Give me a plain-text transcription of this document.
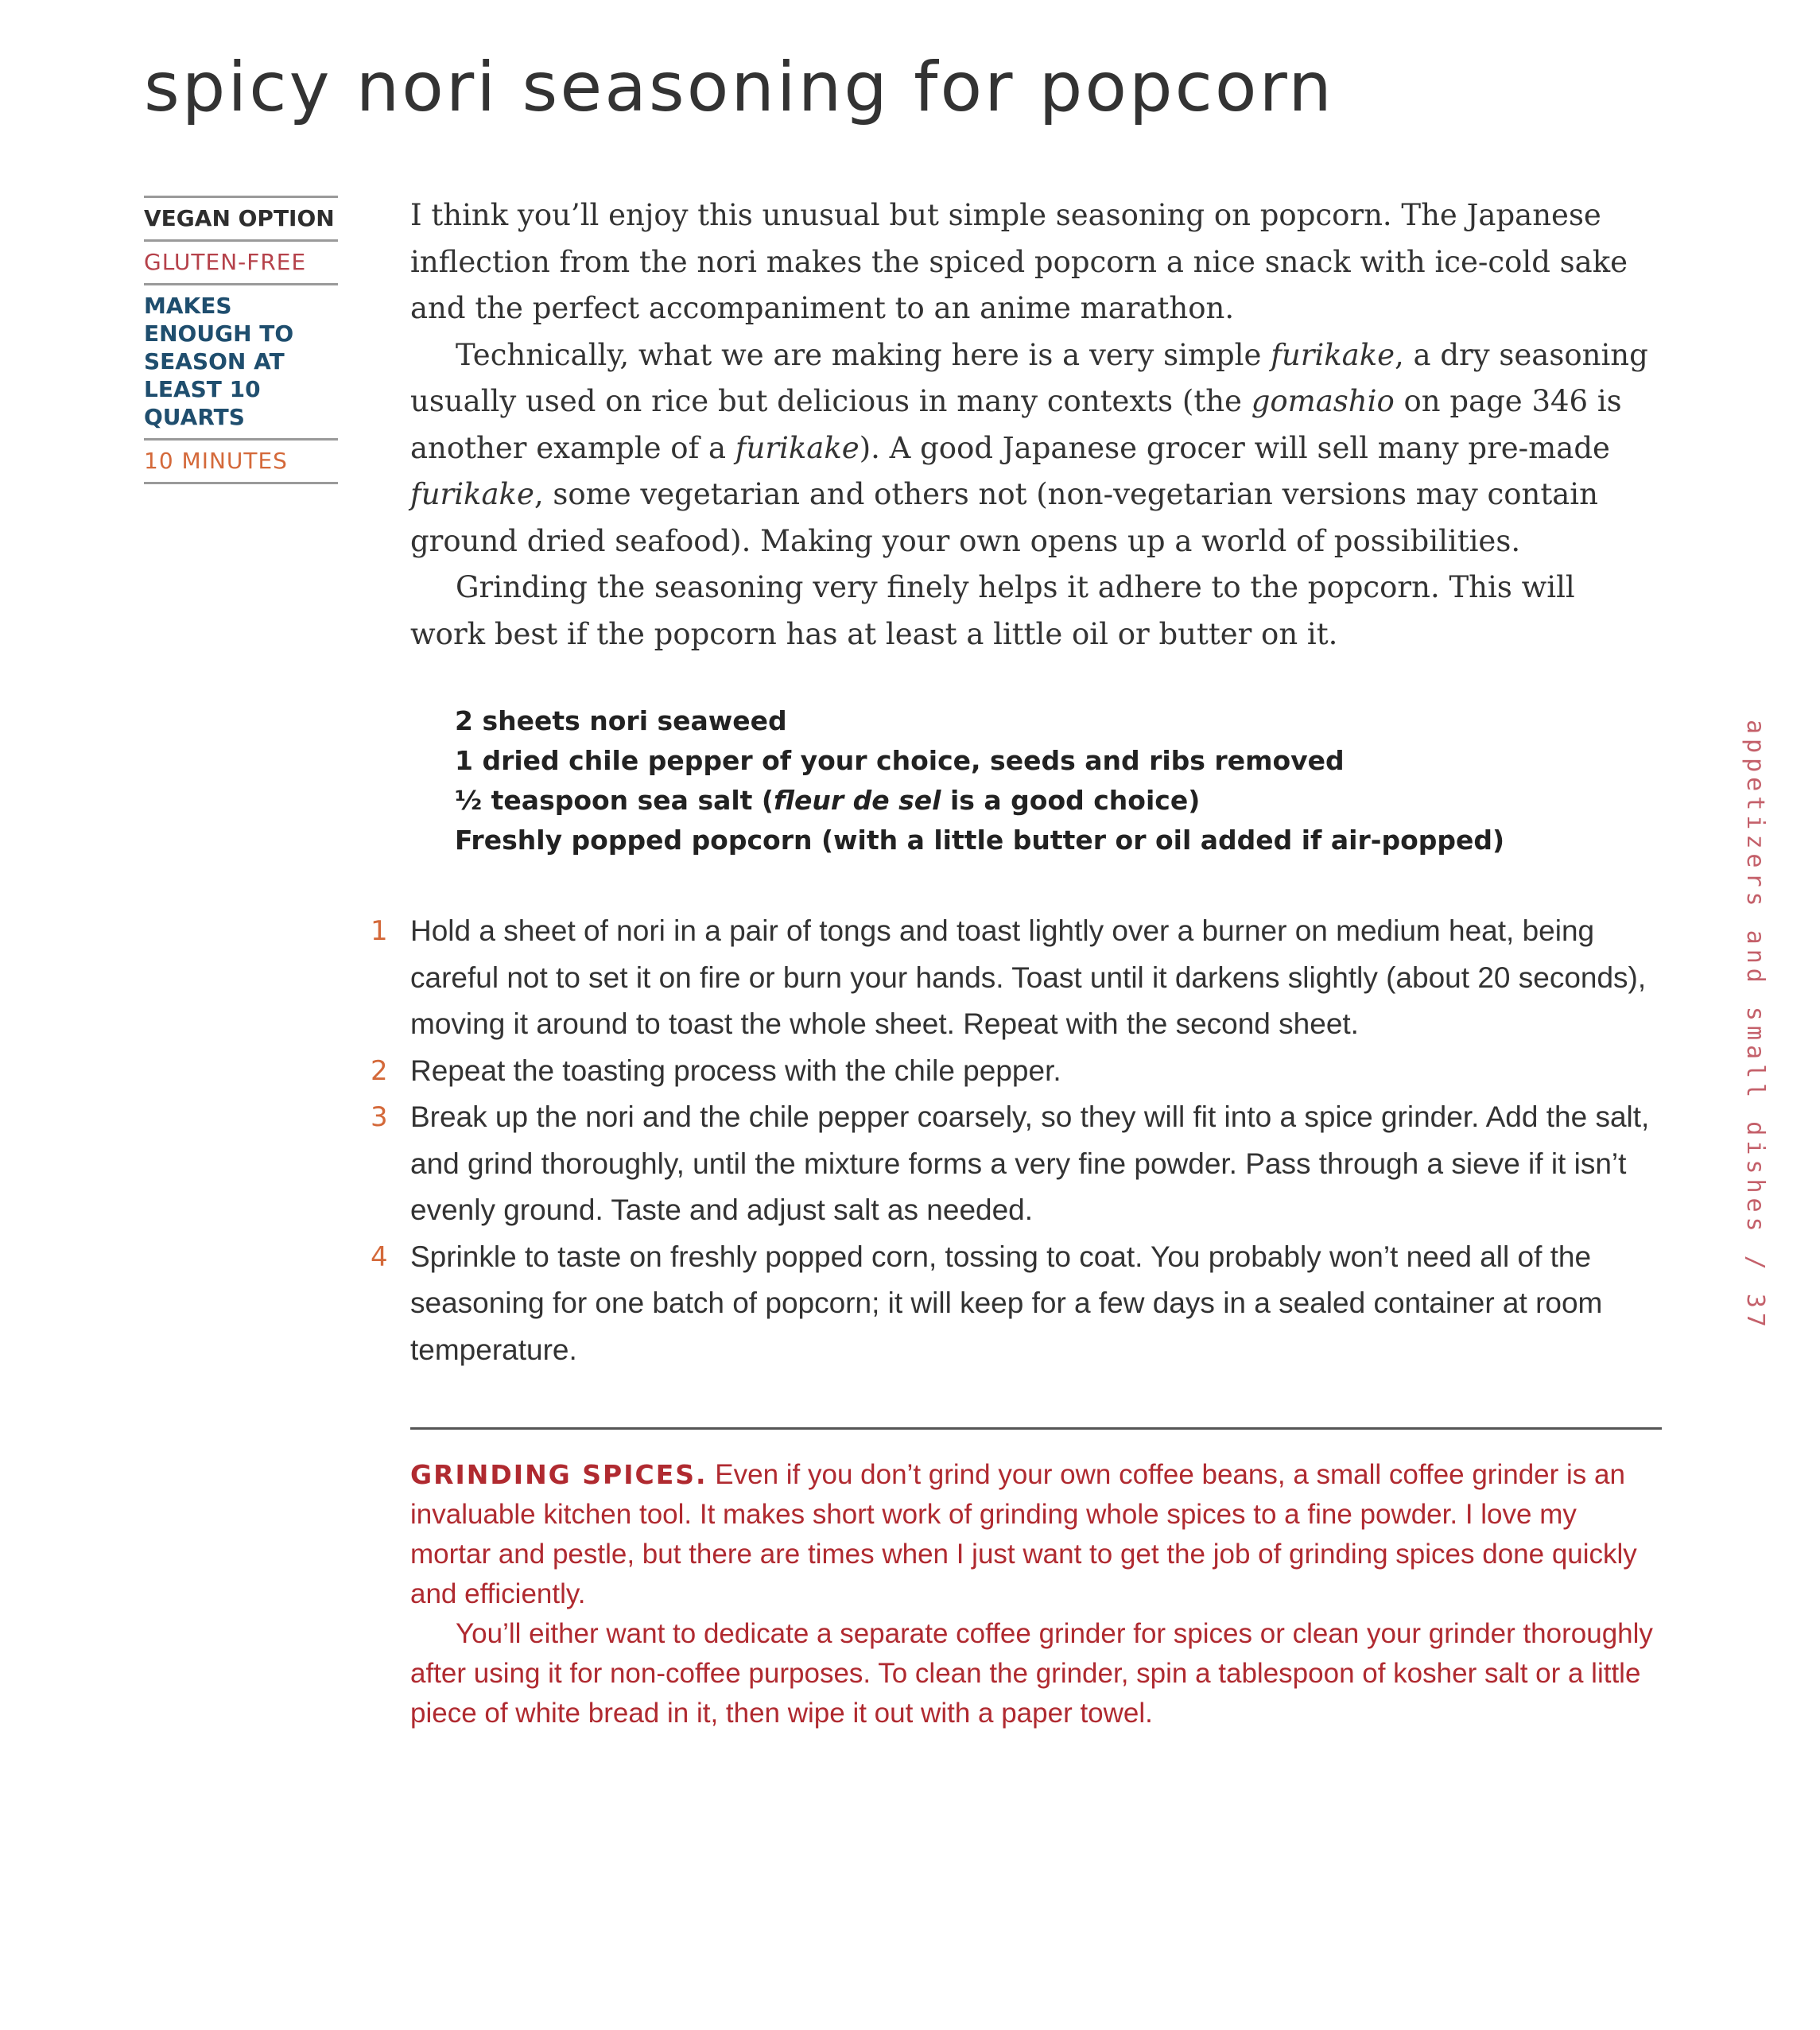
spicy nori seasoning for popcorn
VEGAN OPTION
GLUTEN-FREE
MAKES ENOUGH TO SEASON AT LEAST 10 QUARTS
10 MINUTES

I think you’ll enjoy this unusual but simple seasoning on popcorn. The Japanese inflection from the nori makes the spiced popcorn a nice snack with ice-cold sake and the perfect accompaniment to an anime marathon.

Technically, what we are making here is a very simple furikake, a dry seasoning usually used on rice but delicious in many contexts (the gomashio on page 346 is another example of a furikake). A good Japanese grocer will sell many pre-made furikake, some vegetarian and others not (non-vegetarian versions may contain ground dried seafood). Making your own opens up a world of possibilities.

Grinding the seasoning very finely helps it adhere to the popcorn. This will work best if the popcorn has at least a little oil or butter on it.

2 sheets nori seaweed
1 dried chile pepper of your choice, seeds and ribs removed
½ teaspoon sea salt (fleur de sel is a good choice)
Freshly popped popcorn (with a little butter or oil added if air-popped)
1 Hold a sheet of nori in a pair of tongs and toast lightly over a burner on medium heat, being careful not to set it on fire or burn your hands. Toast until it darkens slightly (about 20 seconds), moving it around to toast the whole sheet. Repeat with the second sheet.
2 Repeat the toasting process with the chile pepper.
3 Break up the nori and the chile pepper coarsely, so they will fit into a spice grinder. Add the salt, and grind thoroughly, until the mixture forms a very fine powder. Pass through a sieve if it isn’t evenly ground. Taste and adjust salt as needed.
4 Sprinkle to taste on freshly popped corn, tossing to coat. You probably won’t need all of the seasoning for one batch of popcorn; it will keep for a few days in a sealed container at room temperature.

GRINDING SPICES. Even if you don’t grind your own coffee beans, a small coffee grinder is an invaluable kitchen tool. It makes short work of grinding whole spices to a fine powder. I love my mortar and pestle, but there are times when I just want to get the job of grinding spices done quickly and efficiently.

You’ll either want to dedicate a separate coffee grinder for spices or clean your grinder thoroughly after using it for non-coffee purposes. To clean the grinder, spin a tablespoon of kosher salt or a little piece of white bread in it, then wipe it out with a paper towel.

appetizers and small dishes / 37
